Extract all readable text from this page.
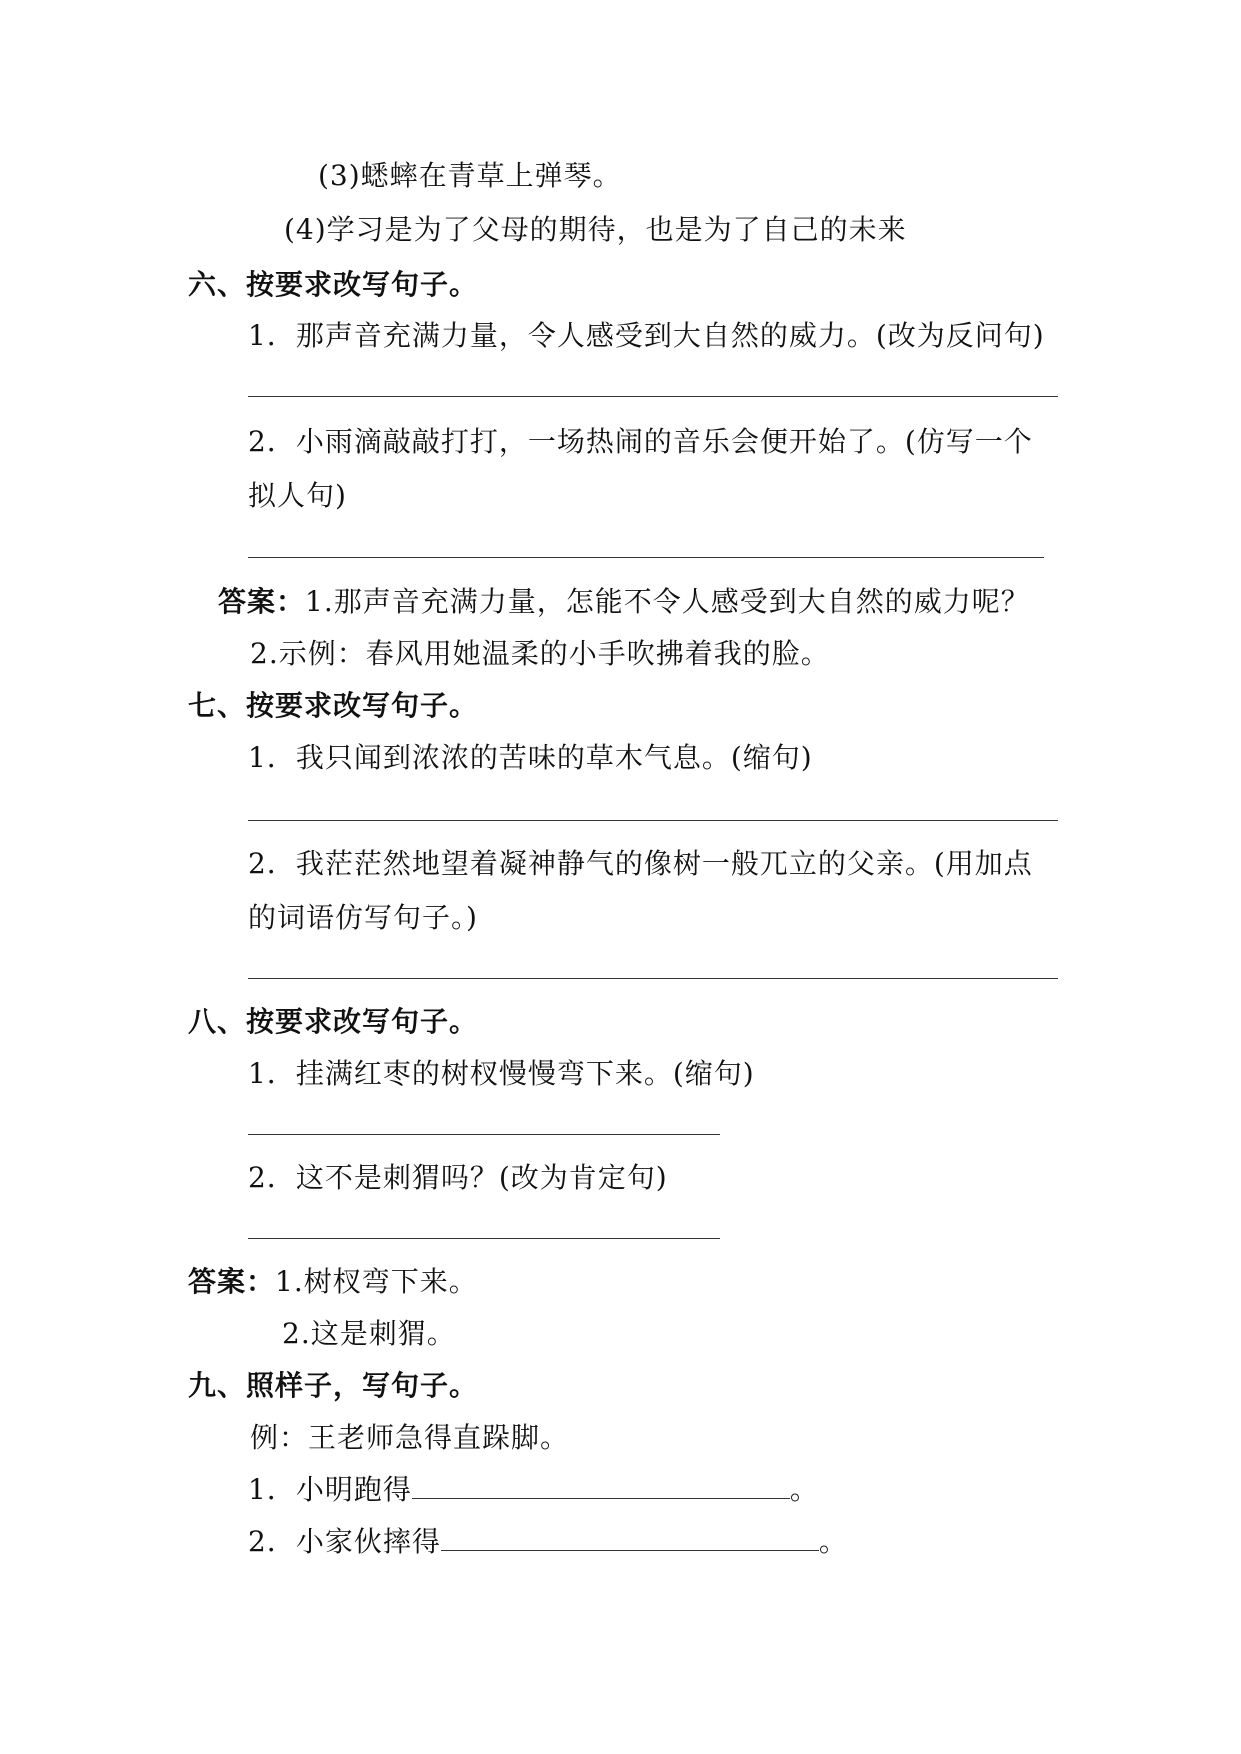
(3)蟋蟀在青草上弹琴。
(4)学习是为了父母的期待，也是为了自己的未来
六、按要求改写句子。
1．那声音充满力量，令人感受到大自然的威力。(改为反问句)
2．小雨滴敲敲打打，一场热闹的音乐会便开始了。(仿写一个
拟人句)
答案：1.那声音充满力量，怎能不令人感受到大自然的威力呢？
2.示例：春风用她温柔的小手吹拂着我的脸。
七、按要求改写句子。
1．我只闻到浓浓的苦味的草木气息。(缩句)
2．我茫茫然地望着凝神静气的像树一般兀立的父亲。(用加点
的词语仿写句子。)
八、按要求改写句子。
1．挂满红枣的树杈慢慢弯下来。(缩句)
2．这不是刺猬吗？(改为肯定句)
答案：1.树杈弯下来。
2.这是刺猬。
九、照样子，写句子。
例：王老师急得直跺脚。
1．小明跑得	。
2．小家伙摔得	。
